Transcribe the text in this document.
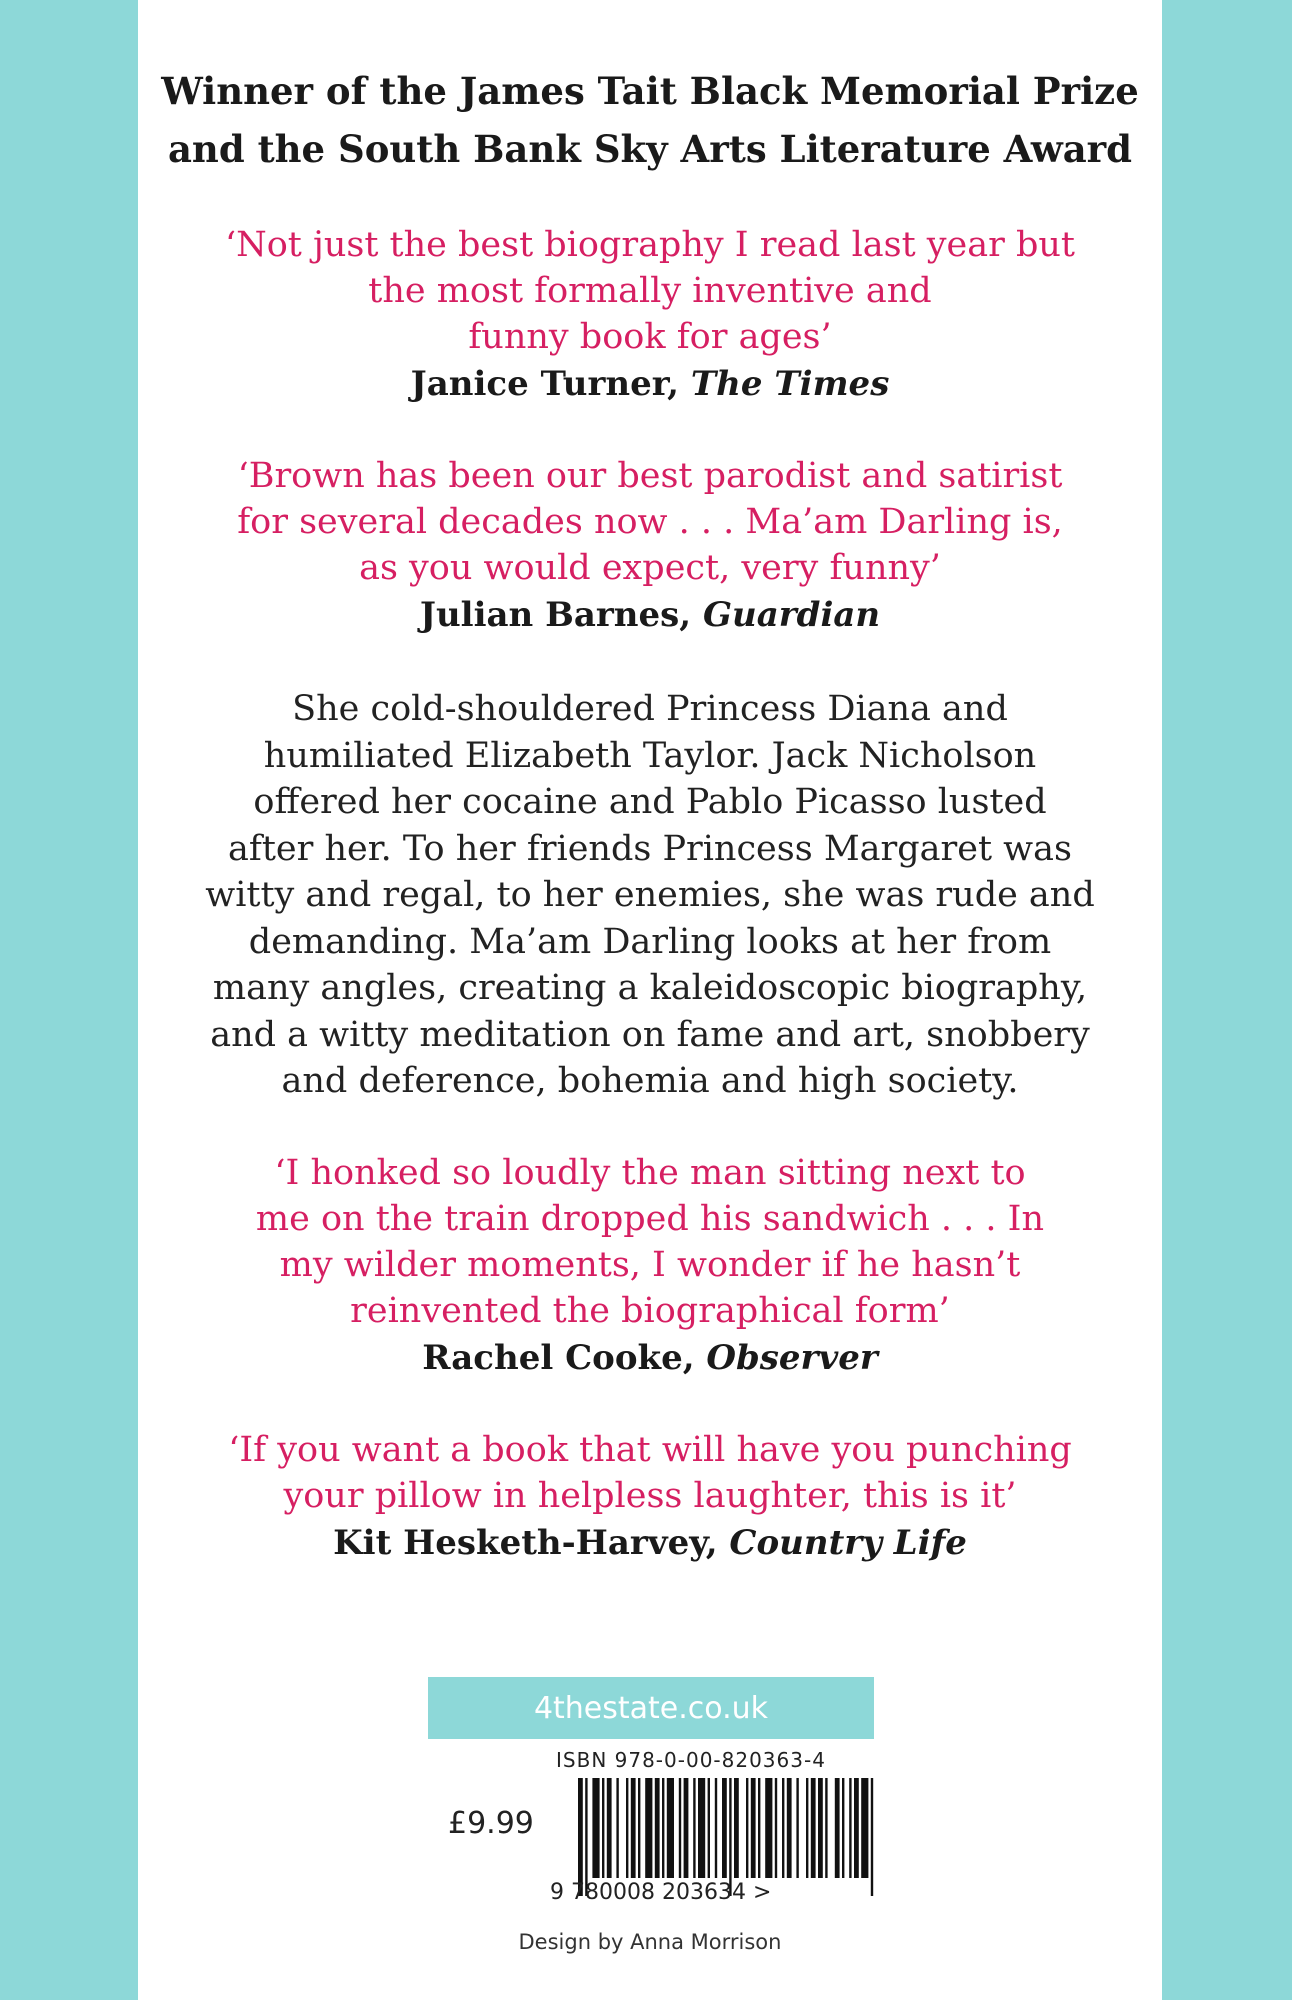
Winner of the James Tait Black Memorial Prize
and the South Bank Sky Arts Literature Award
‘Not just the best biography I read last year but
the most formally inventive and
funny book for ages’
Janice Turner, The Times
‘Brown has been our best parodist and satirist
for several decades now . . . Ma’am Darling is,
as you would expect, very funny’
Julian Barnes, Guardian
She cold-shouldered Princess Diana and
humiliated Elizabeth Taylor. Jack Nicholson
offered her cocaine and Pablo Picasso lusted
after her. To her friends Princess Margaret was
witty and regal, to her enemies, she was rude and
demanding. Ma’am Darling looks at her from
many angles, creating a kaleidoscopic biography,
and a witty meditation on fame and art, snobbery
and deference, bohemia and high society.
‘I honked so loudly the man sitting next to
me on the train dropped his sandwich . . . In
my wilder moments, I wonder if he hasn’t
reinvented the biographical form’
Rachel Cooke, Observer
‘If you want a book that will have you punching
your pillow in helpless laughter, this is it’
Kit Hesketh-Harvey, Country Life
4thestate.co.uk
ISBN 978-0-00-820363-4
£9.99
9 780008 203634 >
Design by Anna Morrison
